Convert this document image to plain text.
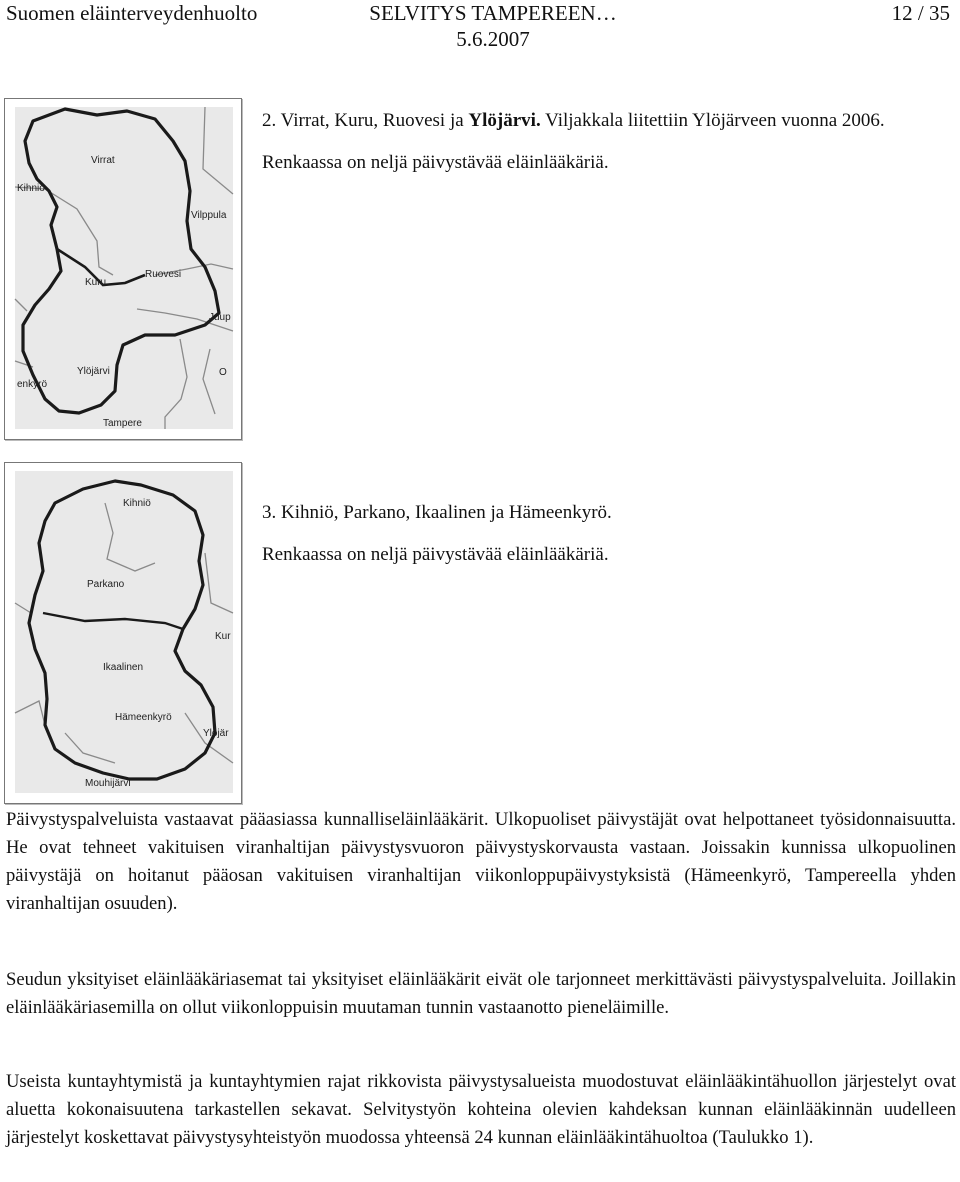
Suomen eläinterveydenhuolto	SELVITYS TAMPEREEN…
5.6.2007
12 / 35
Virrat
Kihniö
Vilppula
Ruovesi
Kuru
Juup
Ylöjärvi
enkyrö
Tampere
O

2. Virrat, Kuru, Ruovesi ja Ylöjärvi. Viljakkala liitettiin Ylöjärveen vuonna 2006.

Renkaassa on neljä päivystävää eläinlääkäriä.

Kihniö
Parkano
Kur
Ikaalinen
Hämeenkyrö
Ylöjär
Mouhijärvi

3. Kihniö, Parkano, Ikaalinen ja Hämeenkyrö.

Renkaassa on neljä päivystävää eläinlääkäriä.

Päivystyspalveluista vastaavat pääasiassa kunnalliseläinlääkärit. Ulkopuoliset päivystäjät ovat helpottaneet työsidonnaisuutta. He ovat tehneet vakituisen viranhaltijan päivystysvuoron päivystyskorvausta vastaan. Joissakin kunnissa ulkopuolinen päivystäjä on hoitanut pääosan vakituisen viranhaltijan viikonloppupäivystyksistä (Hämeenkyrö, Tampereella yhden viranhaltijan osuuden).

Seudun yksityiset eläinlääkäriasemat tai yksityiset eläinlääkärit eivät ole tarjonneet merkittävästi päivystyspalveluita. Joillakin eläinlääkäriasemilla on ollut viikonloppuisin muutaman tunnin vastaanotto pieneläimille.

Useista kuntayhtymistä ja kuntayhtymien rajat rikkovista päivystysalueista muodostuvat eläinlääkintähuollon järjestelyt ovat aluetta kokonaisuutena tarkastellen sekavat. Selvitystyön kohteina olevien kahdeksan kunnan eläinlääkinnän uudelleen järjestelyt koskettavat päivystysyhteistyön muodossa yhteensä 24 kunnan eläinlääkintähuoltoa (Taulukko 1).
